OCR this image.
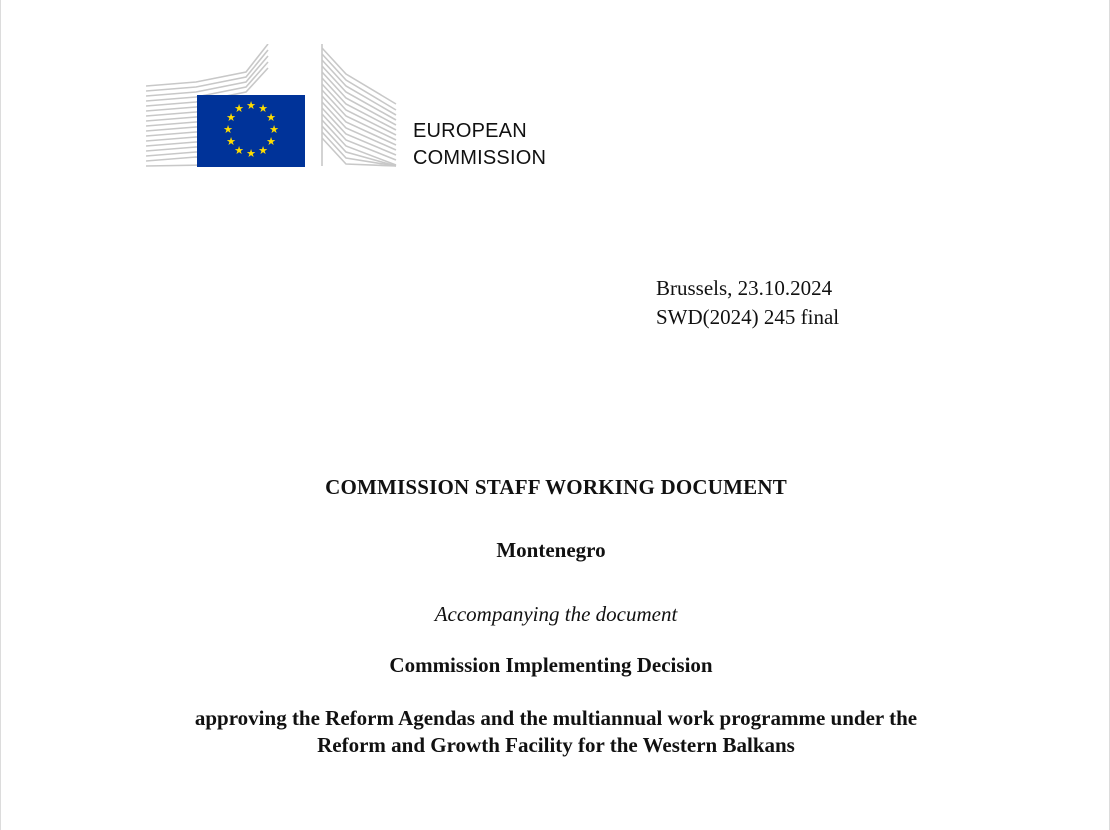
★ ★
★
★
★
★
★
★
★
★
★
★
EUROPEAN
COMMISSION
Brussels, 23.10.2024
SWD(2024) 245 final
COMMISSION STAFF WORKING DOCUMENT
Montenegro
Accompanying the document
Commission Implementing Decision
approving the Reform Agendas and the multiannual work programme under the
Reform and Growth Facility for the Western Balkans
